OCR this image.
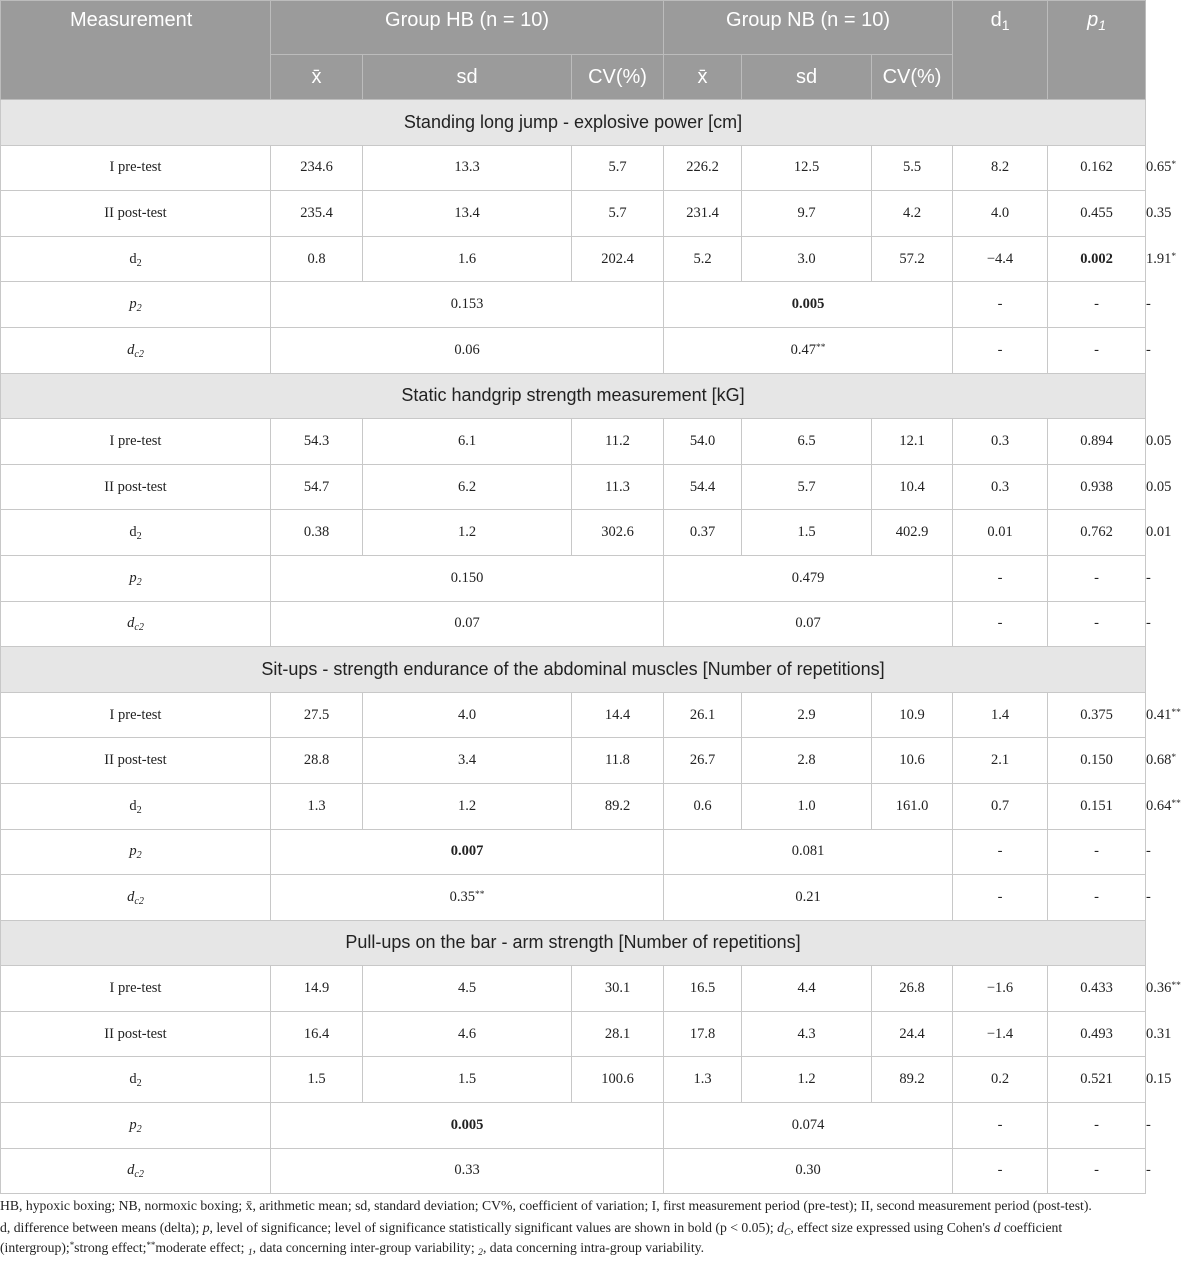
Measurement	Group HB (n = 10)			Group NB (n = 10)			$d_1$	$p_1$	$d_{c1}$
	x̄	sd	CV(%)	x̄	sd	CV(%)			
Standing long jump - explosive power [cm]									
I pre-test	234.6	13.3	5.7	226.2	12.5	5.5	8.2	0.162	0.65*
II post-test	235.4	13.4	5.7	231.4	9.7	4.2	4.0	0.455	0.35
$d_2$	0.8	1.6	202.4	5.2	3.0	57.2	−4.4	0.002	1.91*
$p_2$	0.153			0.005			-	-	-
$d_{c2}$	0.06			0.47**			-	-	-
Static handgrip strength measurement [kG]									
I pre-test	54.3	6.1	11.2	54.0	6.5	12.1	0.3	0.894	0.05
II post-test	54.7	6.2	11.3	54.4	5.7	10.4	0.3	0.938	0.05
$d_2$	0.38	1.2	302.6	0.37	1.5	402.9	0.01	0.762	0.01
$p_2$	0.150			0.479			-	-	-
$d_{c2}$	0.07			0.07			-	-	-
Sit-ups - strength endurance of the abdominal muscles [Number of repetitions]									
I pre-test	27.5	4.0	14.4	26.1	2.9	10.9	1.4	0.375	0.41**
II post-test	28.8	3.4	11.8	26.7	2.8	10.6	2.1	0.150	0.68*
$d_2$	1.3	1.2	89.2	0.6	1.0	161.0	0.7	0.151	0.64**
$p_2$	0.007			0.081			-	-	-
$d_{c2}$	0.35**			0.21			-	-	-
Pull-ups on the bar - arm strength [Number of repetitions]									
I pre-test	14.9	4.5	30.1	16.5	4.4	26.8	−1.6	0.433	0.36**
II post-test	16.4	4.6	28.1	17.8	4.3	24.4	−1.4	0.493	0.31
$d_2$	1.5	1.5	100.6	1.3	1.2	89.2	0.2	0.521	0.15
$p_2$	0.005			0.074			-	-	-
$d_{c2}$	0.33			0.30			-	-	-

HB, hypoxic boxing; NB, normoxic boxing; x̄, arithmetic mean; sd, standard deviation; CV%, coefficient of variation; I, first measurement period (pre-test); II, second measurement period (post-test).

d, difference between means (delta); p, level of significance; level of significance statistically significant values are shown in bold (p < 0.05); $d_C$, effect size expressed using Cohen's d coefficient (intergroup);*strong effect;**moderate effect; $_1$, data concerning inter-group variability; $_2$, data concerning intra-group variability.
